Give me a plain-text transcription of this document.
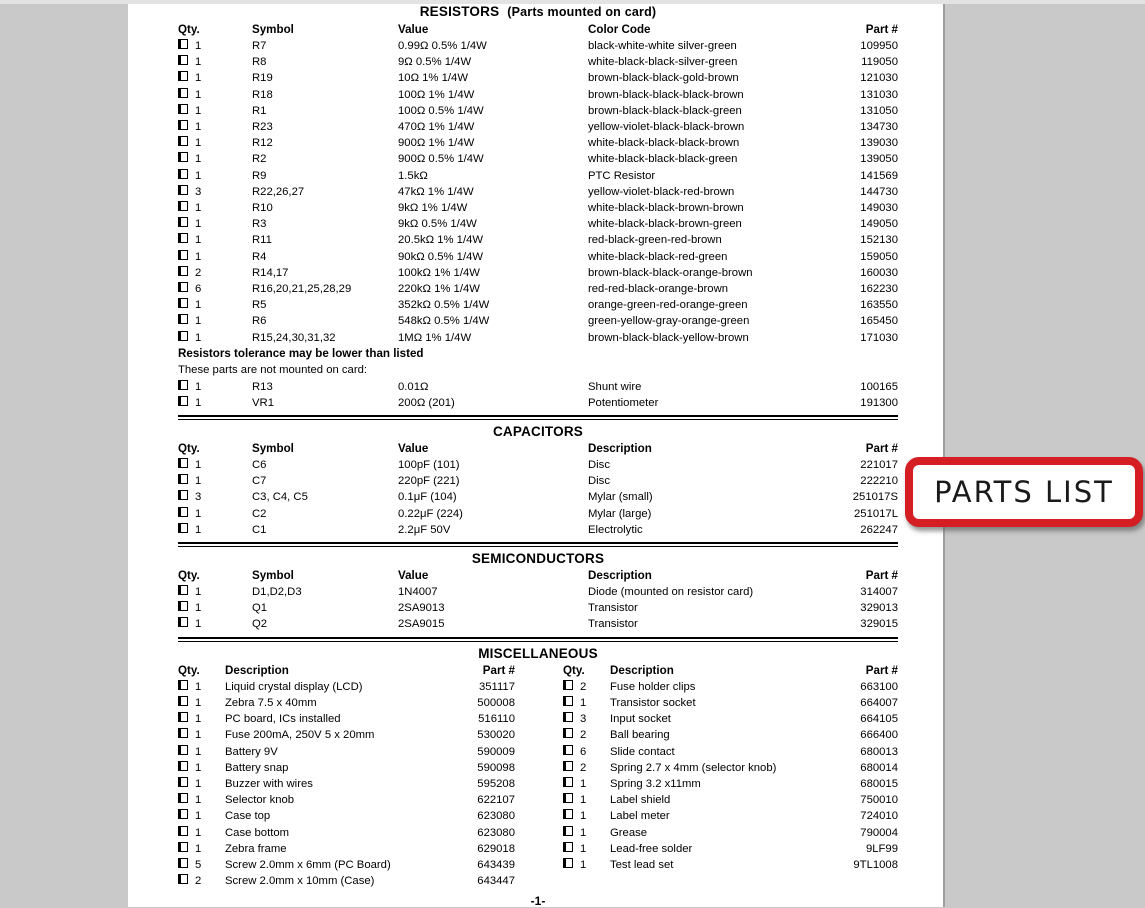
RESISTORS (Parts mounted on card)
Qty.	Symbol	Value	Color Code	Part #
1	R7	0.99Ω 0.5% 1/4W	black-white-white silver-green	109950
1	R8	9Ω 0.5% 1/4W	white-black-black-silver-green	119050
1	R19	10Ω 1% 1/4W	brown-black-black-gold-brown	121030
1	R18	100Ω 1% 1/4W	brown-black-black-black-brown	131030
1	R1	100Ω 0.5% 1/4W	brown-black-black-black-green	131050
1	R23	470Ω 1% 1/4W	yellow-violet-black-black-brown	134730
1	R12	900Ω 1% 1/4W	white-black-black-black-brown	139030
1	R2	900Ω 0.5% 1/4W	white-black-black-black-green	139050
1	R9	1.5kΩ	PTC Resistor	141569
3	R22,26,27	47kΩ 1% 1/4W	yellow-violet-black-red-brown	144730
1	R10	9kΩ 1% 1/4W	white-black-black-brown-brown	149030
1	R3	9kΩ 0.5% 1/4W	white-black-black-brown-green	149050
1	R11	20.5kΩ 1% 1/4W	red-black-green-red-brown	152130
1	R4	90kΩ 0.5% 1/4W	white-black-black-red-green	159050
2	R14,17	100kΩ 1% 1/4W	brown-black-black-orange-brown	160030
6	R16,20,21,25,28,29	220kΩ 1% 1/4W	red-red-black-orange-brown	162230
1	R5	352kΩ 0.5% 1/4W	orange-green-red-orange-green	163550
1	R6	548kΩ 0.5% 1/4W	green-yellow-gray-orange-green	165450
1	R15,24,30,31,32	1MΩ 1% 1/4W	brown-black-black-yellow-brown	171030
Resistors tolerance may be lower than listed
These parts are not mounted on card:
1	R13	0.01Ω	Shunt wire	100165
1	VR1	200Ω (201)	Potentiometer	191300
CAPACITORS
Qty.	Symbol	Value	Description	Part #
1	C6	100pF (101)	Disc	221017
1	C7	220pF (221)	Disc	222210
3	C3, C4, C5	0.1μF (104)	Mylar (small)	251017S
1	C2	0.22μF (224)	Mylar (large)	251017L
1	C1	2.2μF 50V	Electrolytic	262247
SEMICONDUCTORS
Qty.	Symbol	Value	Description	Part #
1	D1,D2,D3	1N4007	Diode (mounted on resistor card)	314007
1	Q1	2SA9013	Transistor	329013
1	Q2	2SA9015	Transistor	329015
MISCELLANEOUS
Qty.	Description	Part #
1	Liquid crystal display (LCD)	351117
1	Zebra 7.5 x 40mm	500008
1	PC board, ICs installed	516110
1	Fuse 200mA, 250V 5 x 20mm	530020
1	Battery 9V	590009
1	Battery snap	590098
1	Buzzer with wires	595208
1	Selector knob	622107
1	Case top	623080
1	Case bottom	623080
1	Zebra frame	629018
5	Screw 2.0mm x 6mm (PC Board)	643439
2	Screw 2.0mm x 10mm (Case)	643447
Qty.	Description	Part #
2	Fuse holder clips	663100
1	Transistor socket	664007
3	Input socket	664105
2	Ball bearing	666400
6	Slide contact	680013
2	Spring 2.7 x 4mm (selector knob)	680014
1	Spring 3.2 x11mm	680015
1	Label shield	750010
1	Label meter	724010
1	Grease	790004
1	Lead-free solder	9LF99
1	Test lead set	9TL1008
-1-
PARTS LIST
